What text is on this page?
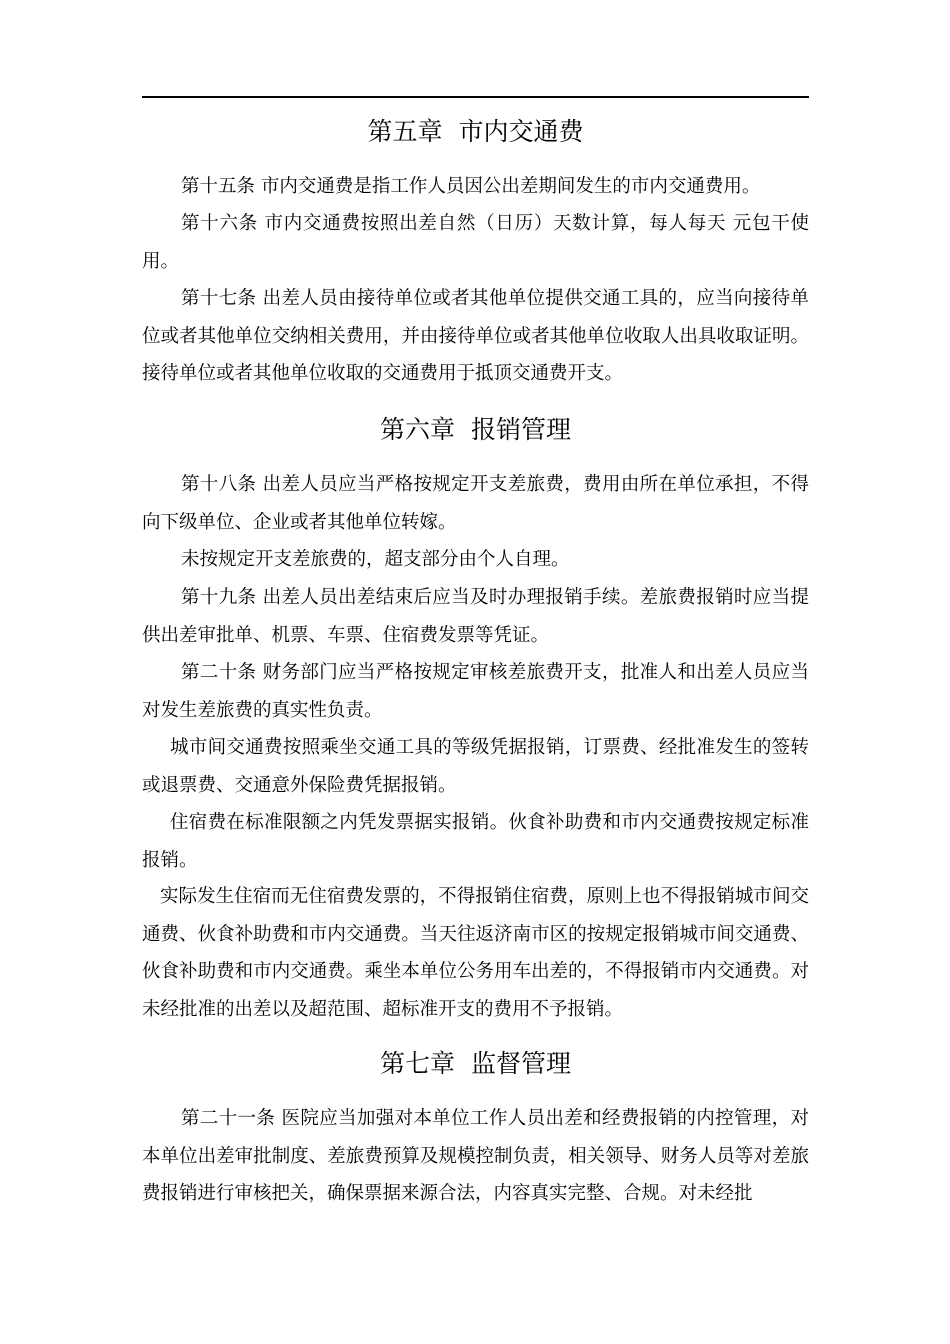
第五章  市内交通费
第十五条 市内交通费是指工作人员因公出差期间发生的市内交通费用。
第十六条 市内交通费按照出差自然（日历）天数计算，每人每天 元包干使用。
第十七条 出差人员由接待单位或者其他单位提供交通工具的，应当向接待单位或者其他单位交纳相关费用，并由接待单位或者其他单位收取人出具收取证明。接待单位或者其他单位收取的交通费用于抵顶交通费开支。
第六章  报销管理
第十八条 出差人员应当严格按规定开支差旅费，费用由所在单位承担，不得向下级单位、企业或者其他单位转嫁。
未按规定开支差旅费的，超支部分由个人自理。
第十九条 出差人员出差结束后应当及时办理报销手续。差旅费报销时应当提供出差审批单、机票、车票、住宿费发票等凭证。
第二十条 财务部门应当严格按规定审核差旅费开支，批准人和出差人员应当对发生差旅费的真实性负责。
城市间交通费按照乘坐交通工具的等级凭据报销，订票费、经批准发生的签转或退票费、交通意外保险费凭据报销。
住宿费在标准限额之内凭发票据实报销。伙食补助费和市内交通费按规定标准报销。
实际发生住宿而无住宿费发票的，不得报销住宿费，原则上也不得报销城市间交通费、伙食补助费和市内交通费。当天往返济南市区的按规定报销城市间交通费、伙食补助费和市内交通费。乘坐本单位公务用车出差的，不得报销市内交通费。对未经批准的出差以及超范围、超标准开支的费用不予报销。
第七章  监督管理
第二十一条 医院应当加强对本单位工作人员出差和经费报销的内控管理，对本单位出差审批制度、差旅费预算及规模控制负责，相关领导、财务人员等对差旅费报销进行审核把关，确保票据来源合法，内容真实完整、合规。对未经批
